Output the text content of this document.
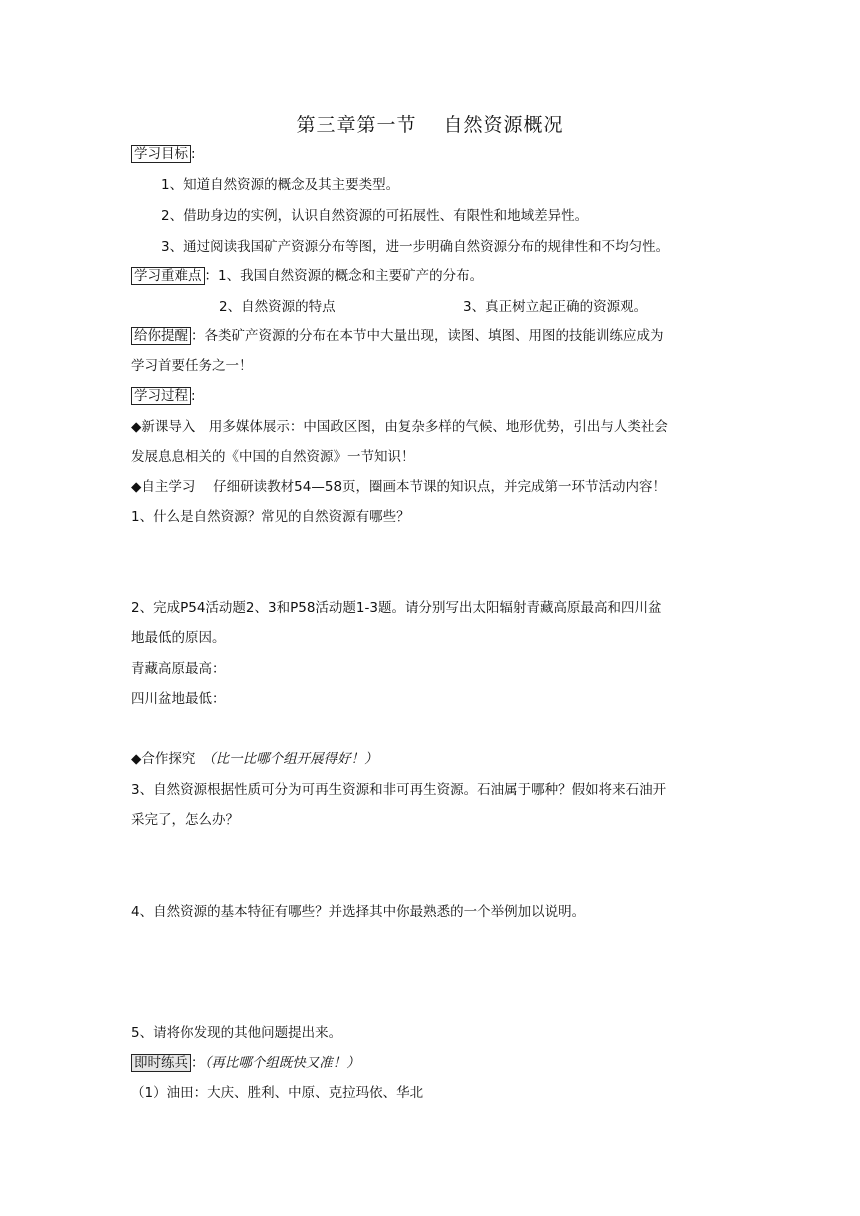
第三章第一节　 自然资源概况
学习目标 :
1、知道自然资源的概念及其主要类型。
2、借助身边的实例，认识自然资源的可拓展性、有限性和地域差异性。
3、通过阅读我国矿产资源分布等图，进一步明确自然资源分布的规律性和不均匀性。
学习重难点 ：1、我国自然资源的概念和主要矿产的分布。
2、自然资源的特点	3、真正树立起正确的资源观。
给你提醒 ：各类矿产资源的分布在本节中大量出现，读图、填图、用图的技能训练应成为
学习首要任务之一！
学习过程 :
◆新课导入　用多媒体展示：中国政区图，由复杂多样的气候、地形优势，引出与人类社会
发展息息相关的《中国的自然资源》一节知识！
◆自主学习　 仔细研读教材54—58页，圈画本节课的知识点，并完成第一环节活动内容！
1、什么是自然资源？常见的自然资源有哪些？
2、完成P54活动题2、3和P58活动题1-3题。请分别写出太阳辐射青藏高原最高和四川盆
地最低的原因。
青藏高原最高：
四川盆地最低：
◆合作探究　（比一比哪个组开展得好！）
3、自然资源根据性质可分为可再生资源和非可再生资源。石油属于哪种？假如将来石油开
采完了，怎么办？
4、自然资源的基本特征有哪些？并选择其中你最熟悉的一个举例加以说明。
5、请将你发现的其他问题提出来。
即时练兵 ：（再比哪个组既快又准！）
（1）油田：大庆、胜利、中原、克拉玛依、华北
